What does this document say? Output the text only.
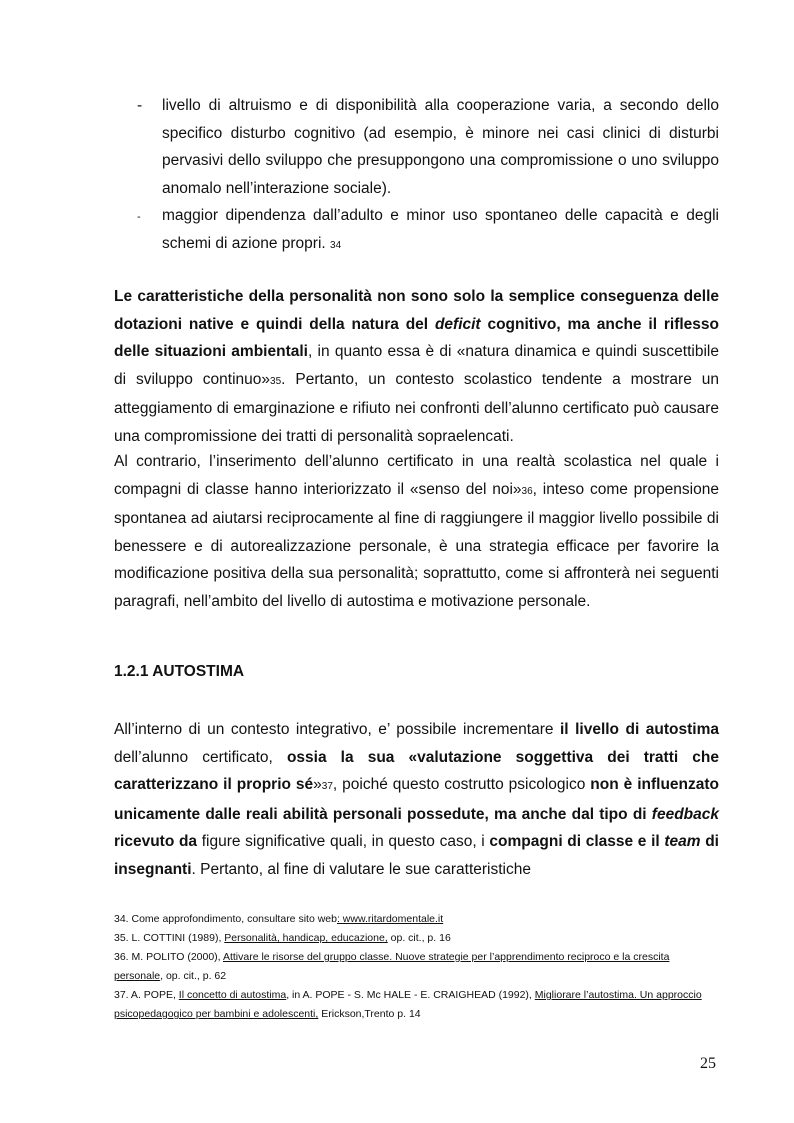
- livello di altruismo e di disponibilità alla cooperazione varia, a secondo dello specifico disturbo cognitivo (ad esempio, è minore nei casi clinici di disturbi pervasivi dello sviluppo che presuppongono una compromissione o uno sviluppo anomalo nell’interazione sociale).
- maggior dipendenza dall’adulto e minor uso spontaneo delle capacità e degli schemi di azione propri. 34
Le caratteristiche della personalità non sono solo la semplice conseguenza delle dotazioni native e quindi della natura del deficit cognitivo, ma anche il riflesso delle situazioni ambientali, in quanto essa è di «natura dinamica e quindi suscettibile di sviluppo continuo»35. Pertanto, un contesto scolastico tendente a mostrare un atteggiamento di emarginazione e rifiuto nei confronti dell’alunno certificato può causare una compromissione dei tratti di personalità sopraelencati.
Al contrario, l’inserimento dell’alunno certificato in una realtà scolastica nel quale i compagni di classe hanno interiorizzato il «senso del noi»36, inteso come propensione spontanea ad aiutarsi reciprocamente al fine di raggiungere il maggior livello possibile di benessere e di autorealizzazione personale, è una strategia efficace per favorire la modificazione positiva della sua personalità; soprattutto, come si affronterà nei seguenti paragrafi, nell’ambito del livello di autostima e motivazione personale.
1.2.1 AUTOSTIMA
All’interno di un contesto integrativo, e’ possibile incrementare il livello di autostima dell’alunno certificato, ossia la sua «valutazione soggettiva dei tratti che caratterizzano il proprio sé»37, poiché questo costrutto psicologico non è influenzato unicamente dalle reali abilità personali possedute, ma anche dal tipo di feedback ricevuto da figure significative quali, in questo caso, i compagni di classe e il team di insegnanti. Pertanto, al fine di valutare le sue caratteristiche

34. Come approfondimento, consultare sito web: www.ritardomentale.it

35. L. COTTINI (1989), Personalità, handicap, educazione, op. cit., p. 16

36. M. POLITO (2000), Attivare le risorse del gruppo classe. Nuove strategie per l’apprendimento reciproco e la crescita personale, op. cit., p. 62

37. A. POPE, Il concetto di autostima, in A. POPE - S. Mc HALE - E. CRAIGHEAD (1992), Migliorare l’autostima. Un approccio psicopedagogico per bambini e adolescenti, Erickson,Trento p. 14

25
